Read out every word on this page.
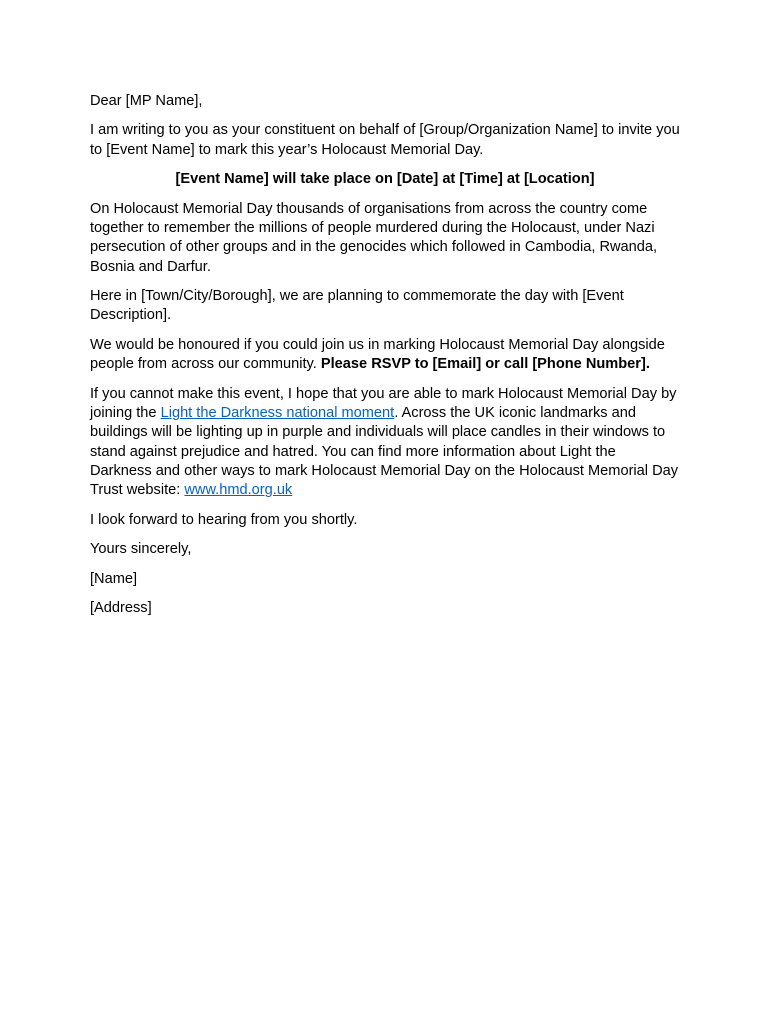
Dear [MP Name],

I am writing to you as your constituent on behalf of [Group/Organization Name] to invite you to [Event Name] to mark this year’s Holocaust Memorial Day.

[Event Name] will take place on [Date] at [Time] at [Location]

On Holocaust Memorial Day thousands of organisations from across the country come together to remember the millions of people murdered during the Holocaust, under Nazi persecution of other groups and in the genocides which followed in Cambodia, Rwanda, Bosnia and Darfur.

Here in [Town/City/Borough], we are planning to commemorate the day with [Event Description].

We would be honoured if you could join us in marking Holocaust Memorial Day alongside people from across our community. Please RSVP to [Email] or call [Phone Number].

If you cannot make this event, I hope that you are able to mark Holocaust Memorial Day by joining the Light the Darkness national moment. Across the UK iconic landmarks and buildings will be lighting up in purple and individuals will place candles in their windows to stand against prejudice and hatred. You can find more information about Light the Darkness and other ways to mark Holocaust Memorial Day on the Holocaust Memorial Day Trust website: www.hmd.org.uk

I look forward to hearing from you shortly.

Yours sincerely,

[Name]

[Address]
